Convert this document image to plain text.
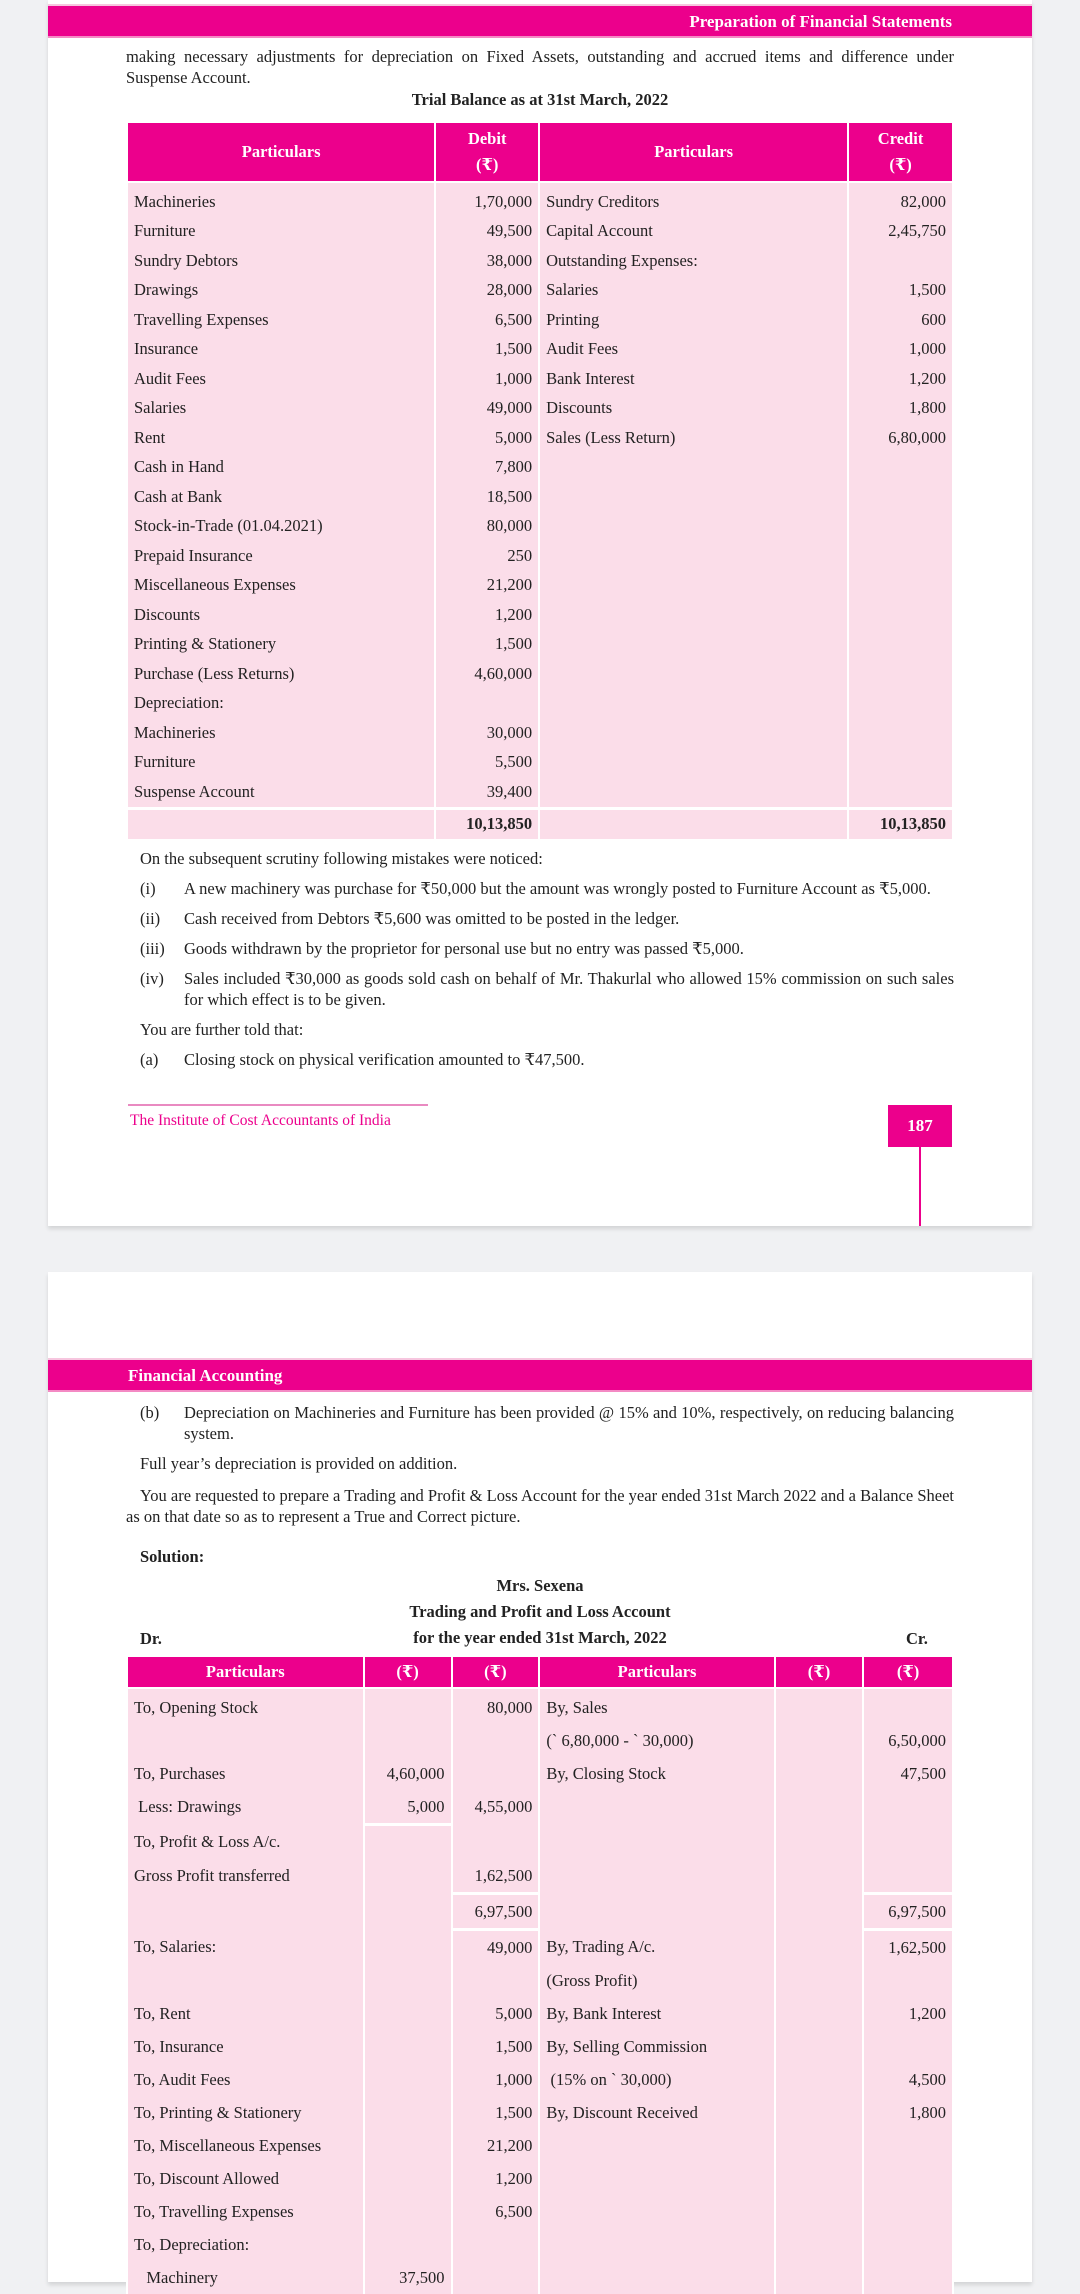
Preparation of Financial Statements
making necessary adjustments for depreciation on Fixed Assets, outstanding and accrued items and difference under Suspense Account.
Trial Balance as at 31st March, 2022
Particulars	
Debit
(₹)
	Particulars	
Credit
(₹)

Machineries	1,70,000	Sundry Creditors	82,000
Furniture	49,500	Capital Account	2,45,750
Sundry Debtors	38,000	Outstanding Expenses:	
Drawings	28,000	Salaries	1,500
Travelling Expenses	6,500	Printing	600
Insurance	1,500	Audit Fees	1,000
Audit Fees	1,000	Bank Interest	1,200
Salaries	49,000	Discounts	1,800
Rent	5,000	Sales (Less Return)	6,80,000
Cash in Hand	7,800		
Cash at Bank	18,500		
Stock-in-Trade (01.04.2021)	80,000		
Prepaid Insurance	250		
Miscellaneous Expenses	21,200		
Discounts	1,200		
Printing & Stationery	1,500		
Purchase (Less Returns)	4,60,000		
Depreciation:			
Machineries	30,000		
Furniture	5,500		
Suspense Account	39,400		
	10,13,850		10,13,850
On the subsequent scrutiny following mistakes were noticed:
(i) A new machinery was purchase for ₹50,000 but the amount was wrongly posted to Furniture Account as ₹5,000.
(ii) Cash received from Debtors ₹5,600 was omitted to be posted in the ledger.
(iii) Goods withdrawn by the proprietor for personal use but no entry was passed ₹5,000.
(iv) Sales included ₹30,000 as goods sold cash on behalf of Mr. Thakurlal who allowed 15% commission on such sales for which effect is to be given.
You are further told that:
(a) Closing stock on physical verification amounted to ₹47,500.
The Institute of Cost Accountants of India	187
Financial Accounting
(b) Depreciation on Machineries and Furniture has been provided @ 15% and 10%, respectively, on reducing balancing system.
Full year’s depreciation is provided on addition.
You are requested to prepare a Trading and Profit & Loss Account for the year ended 31st March 2022 and a Balance Sheet as on that date so as to represent a True and Correct picture.
Solution:
Mrs. Sexena
Trading and Profit and Loss Account
for the year ended 31st March, 2022
Dr.	Cr.
Particulars	(₹)	(₹)	Particulars	(₹)	(₹)
To, Opening Stock		80,000	By, Sales		
			(` 6,80,000 - ` 30,000)		6,50,000
To, Purchases	4,60,000		By, Closing Stock		47,500
Less: Drawings	5,000	4,55,000			
To, Profit & Loss A/c.					
Gross Profit transferred		1,62,500			
		6,97,500			6,97,500
To, Salaries:		49,000	By, Trading A/c.		1,62,500
			(Gross Profit)		
To, Rent		5,000	By, Bank Interest		1,200
To, Insurance		1,500	By, Selling Commission		
To, Audit Fees		1,000	(15% on ` 30,000)		4,500
To, Printing & Stationery		1,500	By, Discount Received		1,800
To, Miscellaneous Expenses		21,200			
To, Discount Allowed		1,200			
To, Travelling Expenses		6,500			
To, Depreciation:					
Machinery	37,500				
